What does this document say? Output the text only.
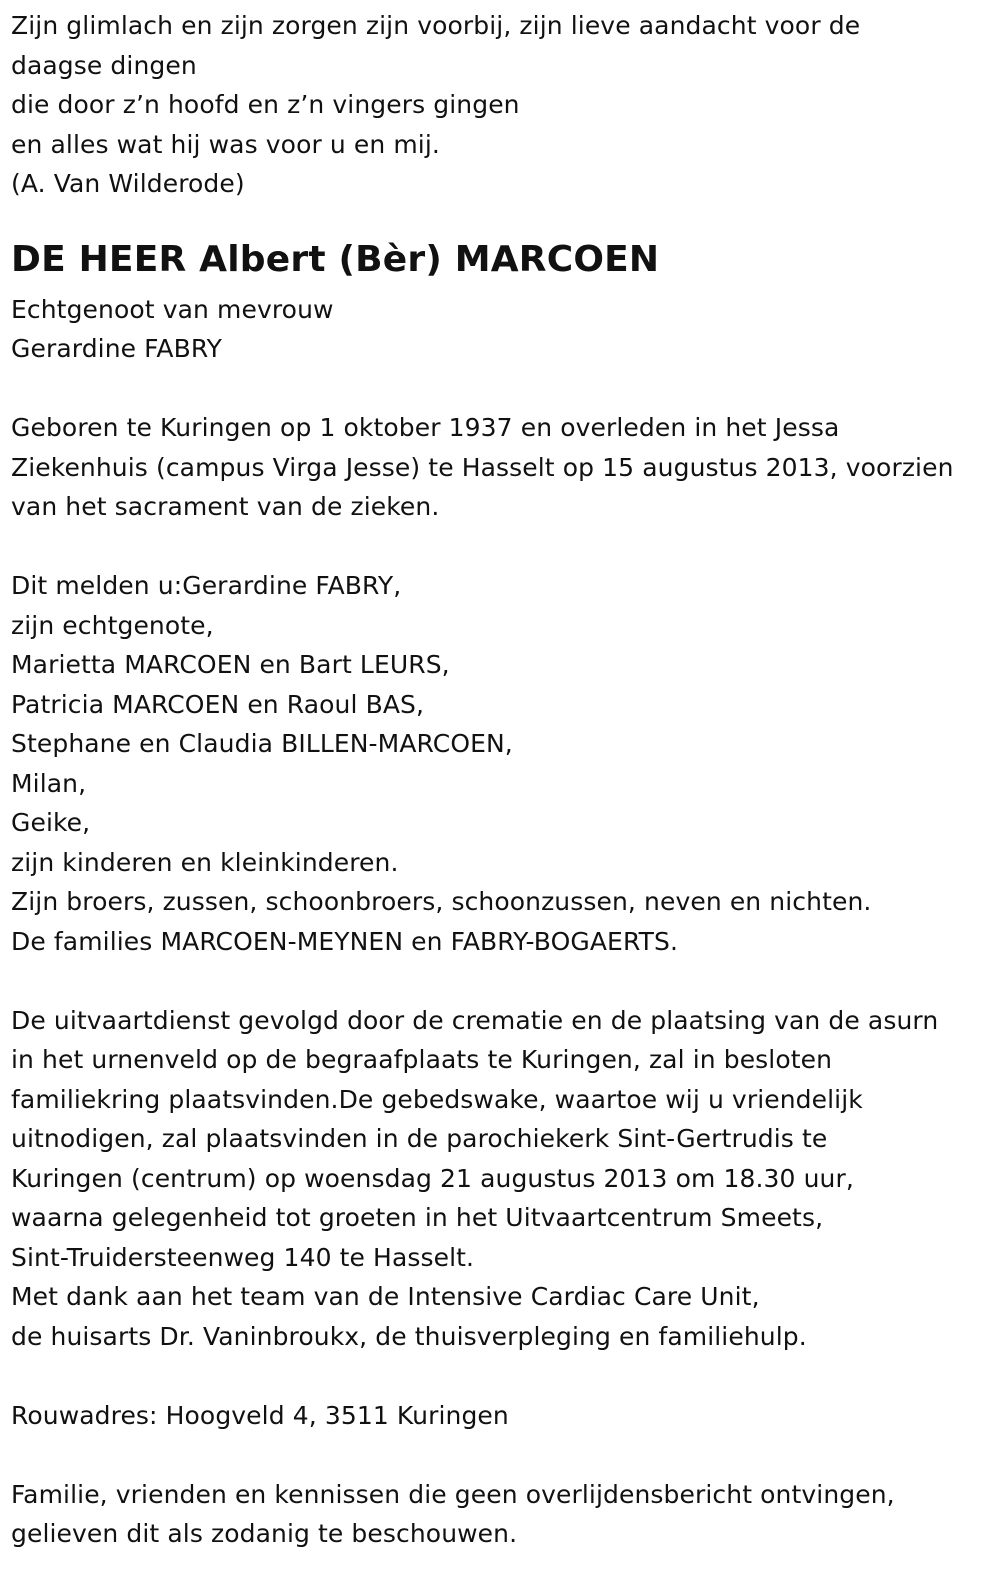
Zijn glimlach en zijn zorgen zijn voorbij, zijn lieve aandacht voor de
daagse dingen
die door z’n hoofd en z’n vingers gingen
en alles wat hij was voor u en mij.
(A. Van Wilderode)
DE HEER Albert (Bèr) MARCOEN
Echtgenoot van mevrouw
Gerardine FABRY
Geboren te Kuringen op 1 oktober 1937 en overleden in het Jessa
Ziekenhuis (campus Virga Jesse) te Hasselt op 15 augustus 2013, voorzien
van het sacrament van de zieken.
Dit melden u:Gerardine FABRY,
zijn echtgenote,
Marietta MARCOEN en Bart LEURS,
Patricia MARCOEN en Raoul BAS,
Stephane en Claudia BILLEN-MARCOEN,
Milan,
Geike,
zijn kinderen en kleinkinderen.
Zijn broers, zussen, schoonbroers, schoonzussen, neven en nichten.
De families MARCOEN-MEYNEN en FABRY-BOGAERTS.
De uitvaartdienst gevolgd door de crematie en de plaatsing van de asurn
in het urnenveld op de begraafplaats te Kuringen, zal in besloten
familiekring plaatsvinden.De gebedswake, waartoe wij u vriendelijk
uitnodigen, zal plaatsvinden in de parochiekerk Sint-Gertrudis te
Kuringen (centrum) op woensdag 21 augustus 2013 om 18.30 uur,
waarna gelegenheid tot groeten in het Uitvaartcentrum Smeets,
Sint-Truidersteenweg 140 te Hasselt.
Met dank aan het team van de Intensive Cardiac Care Unit,
de huisarts Dr. Vaninbroukx, de thuisverpleging en familiehulp.
Rouwadres: Hoogveld 4, 3511 Kuringen
Familie, vrienden en kennissen die geen overlijdensbericht ontvingen,
gelieven dit als zodanig te beschouwen.
